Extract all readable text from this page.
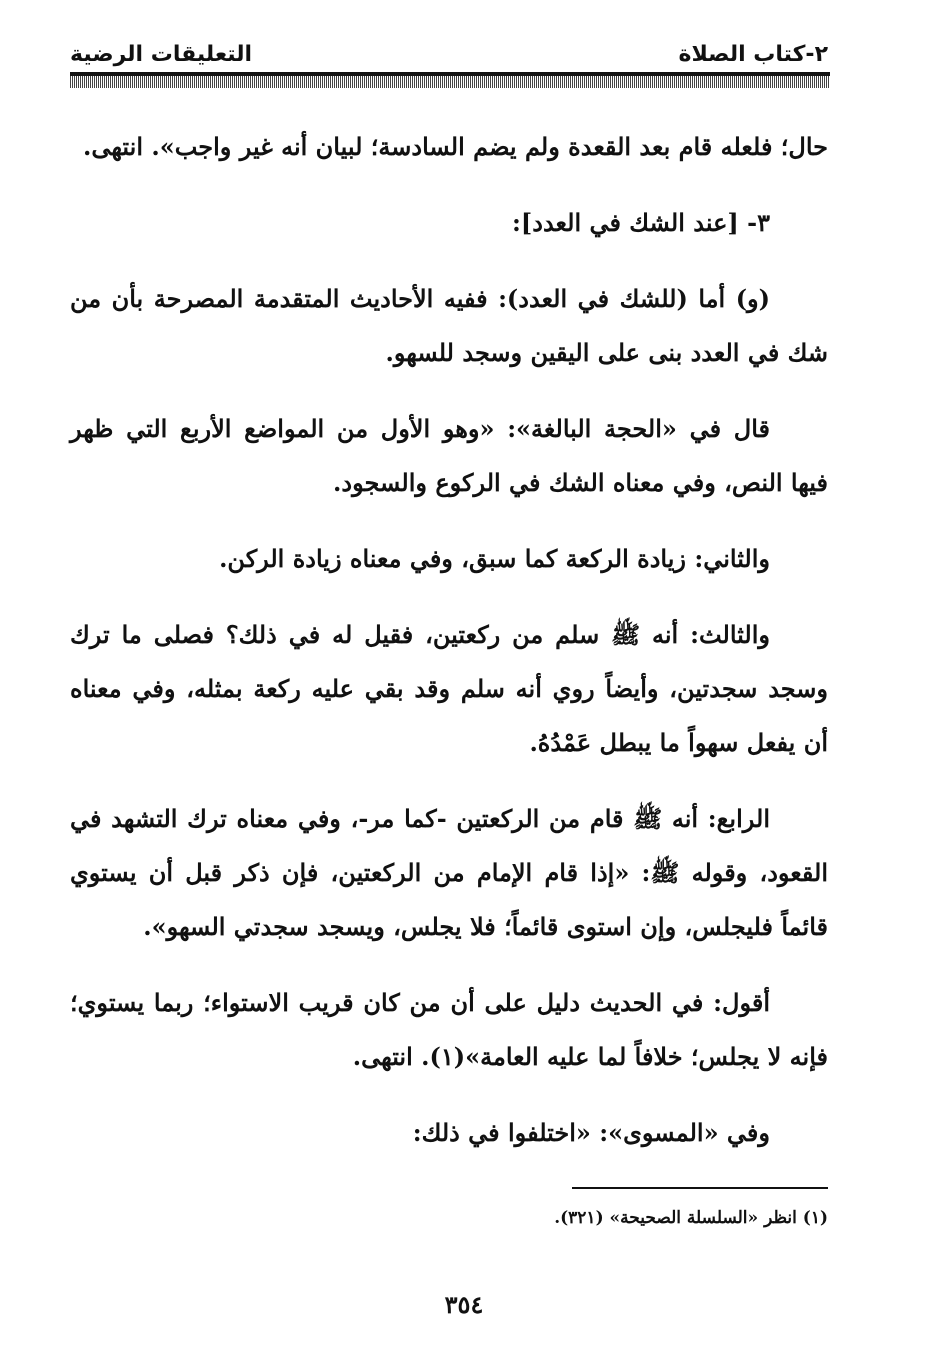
٢-كتاب الصلاة
التعليقات الرضية

حال؛ فلعله قام بعد القعدة ولم يضم السادسة؛ لبيان أنه غير واجب». انتهى.

٣- [عند الشك في العدد]:

(و) أما (للشك في العدد): ففيه الأحاديث المتقدمة المصرحة بأن من شك في العدد بنى على اليقين وسجد للسهو.

قال في «الحجة البالغة»: «وهو الأول من المواضع الأربع التي ظهر فيها النص، وفي معناه الشك في الركوع والسجود.

والثاني: زيادة الركعة كما سبق، وفي معناه زيادة الركن.

والثالث: أنه ﷺ سلم من ركعتين، فقيل له في ذلك؟ فصلى ما ترك وسجد سجدتين، وأيضاً روي أنه سلم وقد بقي عليه ركعة بمثله، وفي معناه أن يفعل سهواً ما يبطل عَمْدُهُ.

الرابع: أنه ﷺ قام من الركعتين -كما مر-، وفي معناه ترك التشهد في القعود، وقوله ﷺ: «إذا قام الإمام من الركعتين، فإن ذكر قبل أن يستوي قائماً فليجلس، وإن استوى قائماً؛ فلا يجلس، ويسجد سجدتي السهو».

أقول: في الحديث دليل على أن من كان قريب الاستواء؛ ربما يستوي؛ فإنه لا يجلس؛ خلافاً لما عليه العامة»(١). انتهى.

وفي «المسوى»: «اختلفوا في ذلك:

(١) انظر «السلسلة الصحيحة» (٣٢١).
٣٥٤
